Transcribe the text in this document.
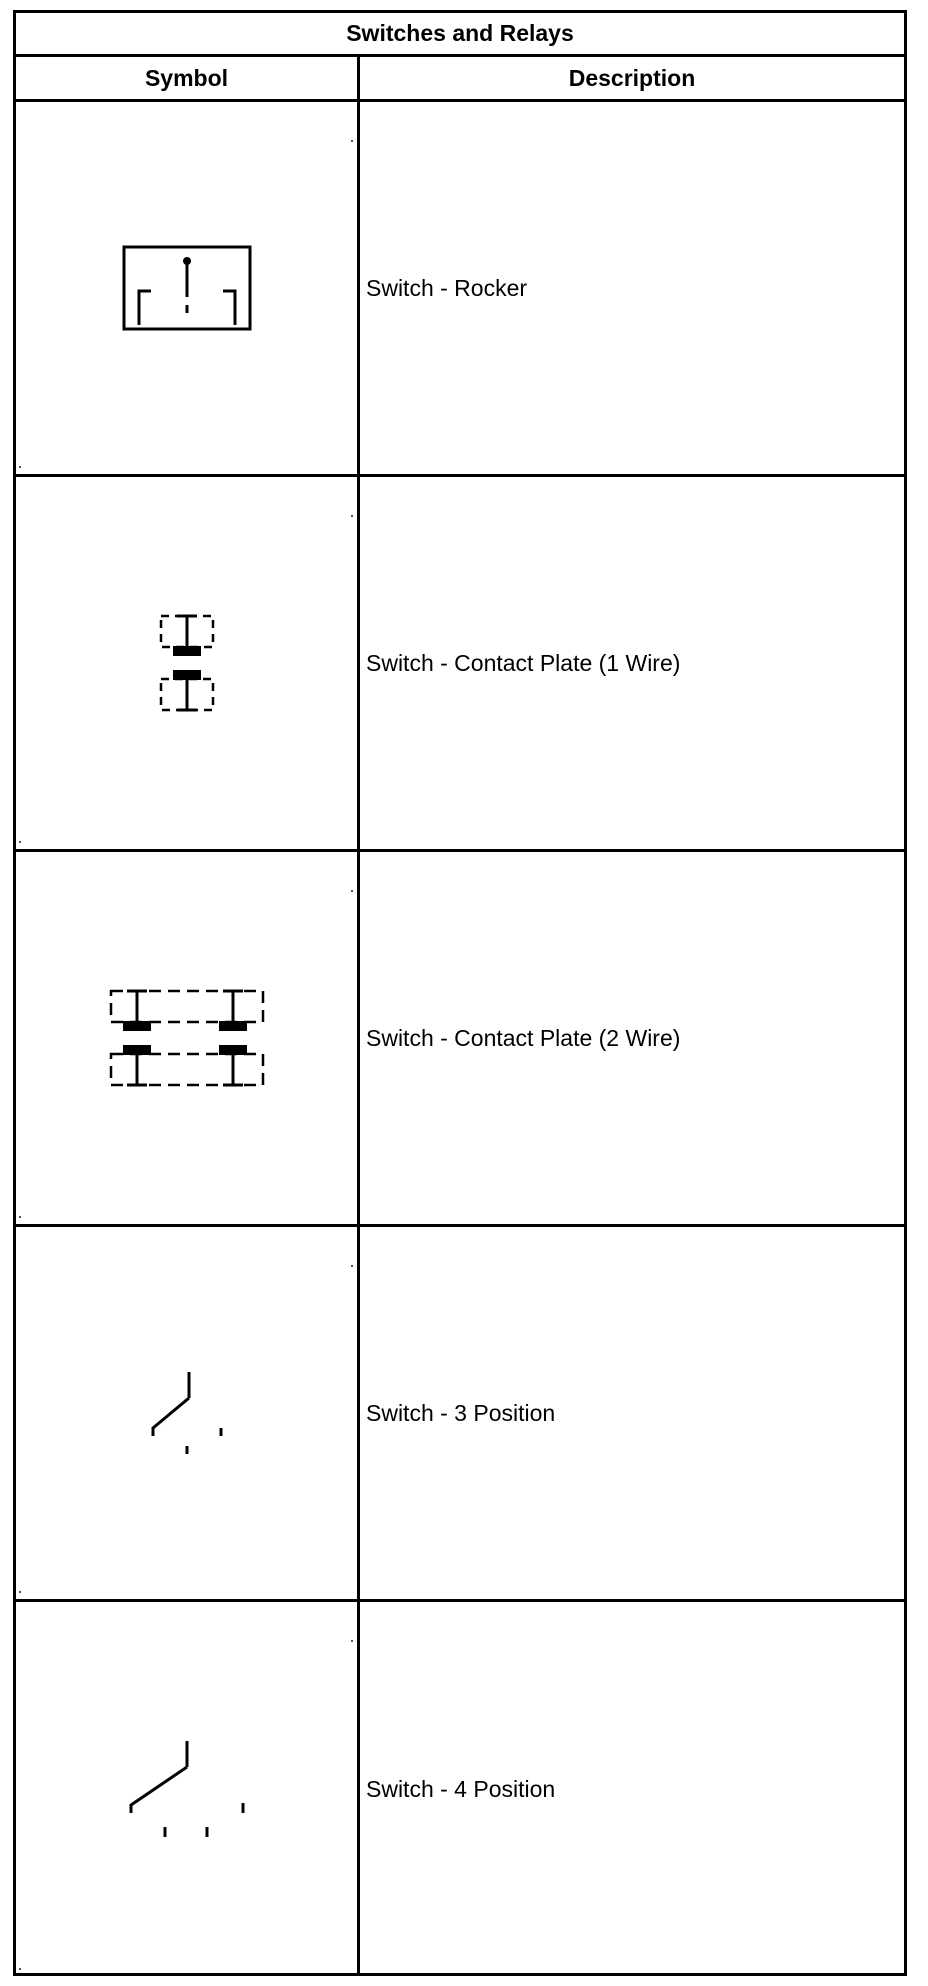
Switches and Relays
Symbol	Description
Switch - Rocker
Switch - Contact Plate (1 Wire)
Switch - Contact Plate (2 Wire)
Switch - 3 Position
Switch - 4 Position
